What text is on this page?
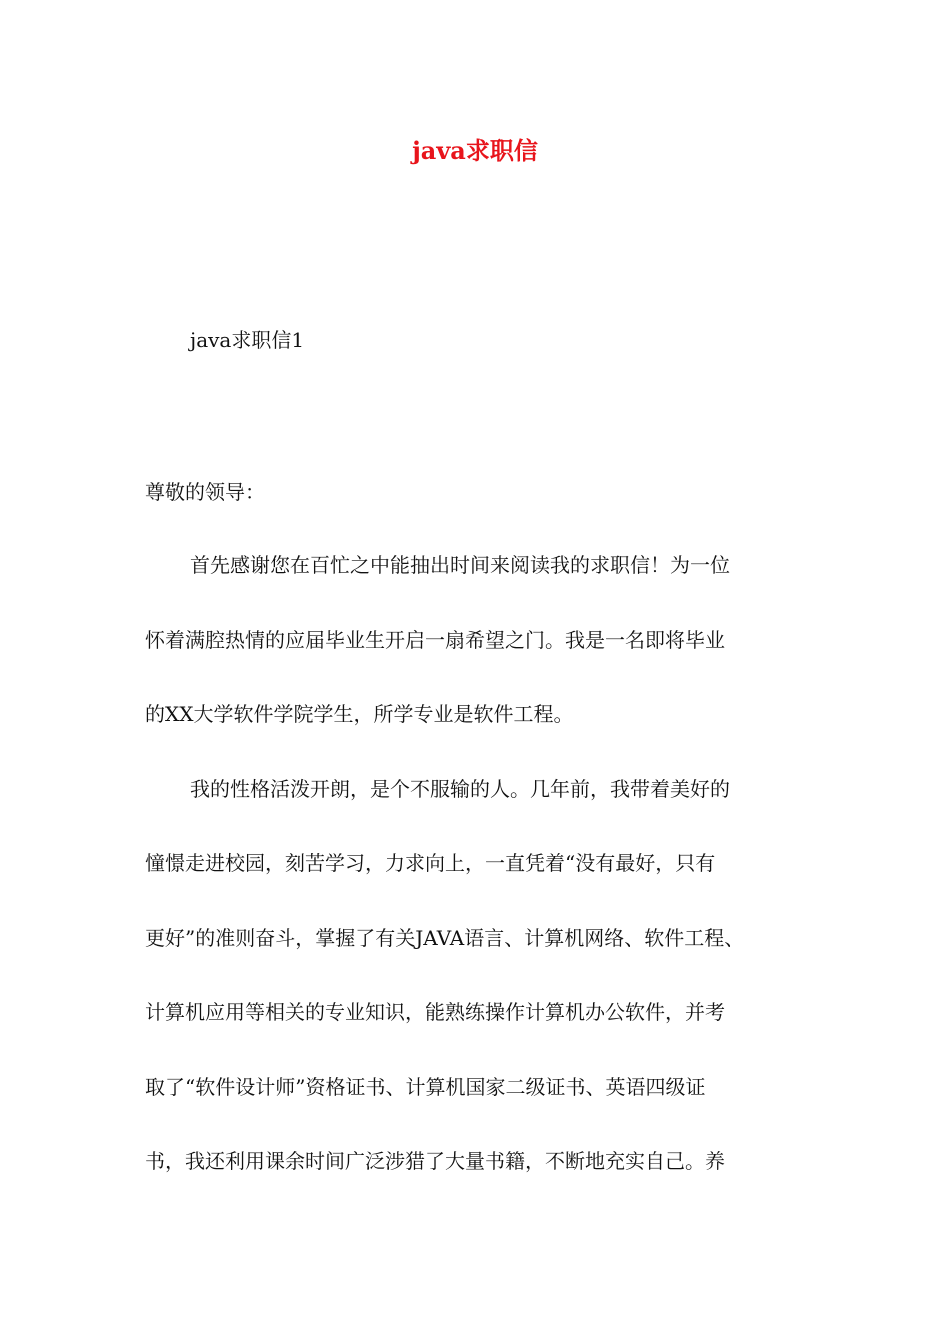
java求职信

java求职信1

尊敬的领导：

首先感谢您在百忙之中能抽出时间来阅读我的求职信！为一位

怀着满腔热情的应届毕业生开启一扇希望之门。我是一名即将毕业

的XX大学软件学院学生，所学专业是软件工程。

我的性格活泼开朗，是个不服输的人。几年前，我带着美好的

憧憬走进校园，刻苦学习，力求向上，一直凭着“没有最好，只有

更好”的准则奋斗，掌握了有关JAVA语言、计算机网络、软件工程、

计算机应用等相关的专业知识，能熟练操作计算机办公软件，并考

取了“软件设计师”资格证书、计算机国家二级证书、英语四级证

书，我还利用课余时间广泛涉猎了大量书籍，不断地充实自己。养
